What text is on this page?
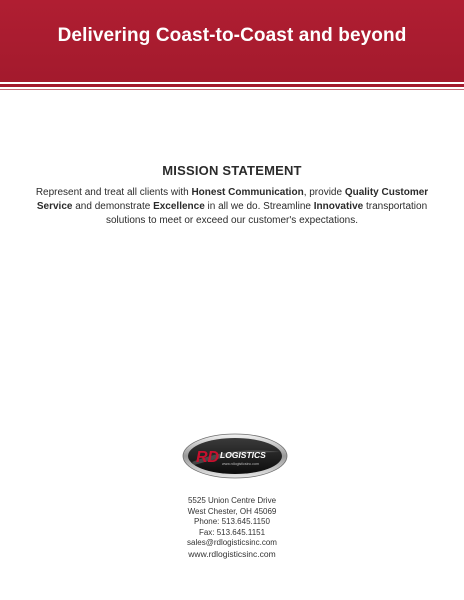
Delivering Coast-to-Coast and beyond
MISSION STATEMENT

Represent and treat all clients with Honest Communication, provide Quality Customer Service and demonstrate Excellence in all we do. Streamline Innovative transportation solutions to meet or exceed our customer's expectations.

RD LOGISTICS
www.rdlogisticsinc.com
5525 Union Centre Drive
West Chester, OH 45069
Phone: 513.645.1150
Fax: 513.645.1151
sales@rdlogisticsinc.com
www.rdlogisticsinc.com
